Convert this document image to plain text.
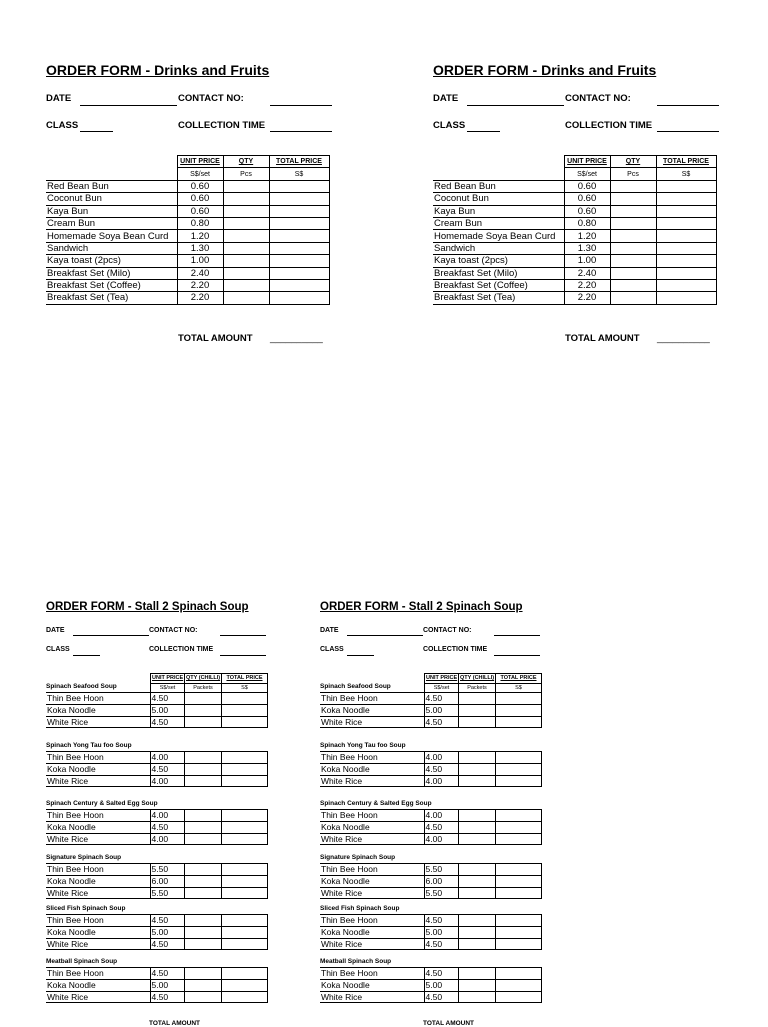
ORDER FORM - Drinks and Fruits
DATE	CONTACT NO:
CLASS	COLLECTION TIME
	UNIT PRICE	QTY	TOTAL PRICE
	S$/set	Pcs	S$
Red Bean Bun	0.60		
Coconut Bun	0.60		
Kaya Bun	0.60		
Cream Bun	0.80		
Homemade Soya Bean Curd	1.20		
Sandwich	1.30		
Kaya toast (2pcs)	1.00		
Breakfast Set (Milo)	2.40		
Breakfast Set (Coffee)	2.20		
Breakfast Set (Tea)	2.20		
TOTAL AMOUNT __________
ORDER FORM - Drinks and Fruits
DATE	CONTACT NO:
CLASS	COLLECTION TIME
	UNIT PRICE	QTY	TOTAL PRICE
	S$/set	Pcs	S$
Red Bean Bun	0.60		
Coconut Bun	0.60		
Kaya Bun	0.60		
Cream Bun	0.80		
Homemade Soya Bean Curd	1.20		
Sandwich	1.30		
Kaya toast (2pcs)	1.00		
Breakfast Set (Milo)	2.40		
Breakfast Set (Coffee)	2.20		
Breakfast Set (Tea)	2.20		
TOTAL AMOUNT __________
ORDER FORM - Stall 2 Spinach Soup
DATE	CONTACT NO:
CLASS	COLLECTION TIME
UNIT PRICE	QTY (CHILLI)	TOTAL PRICE
S$/set	Packets	S$
Spinach Seafood Soup
Thin Bee Hoon	4.50		
Koka Noodle	5.00		
White Rice	4.50		
Spinach Yong Tau foo Soup
Thin Bee Hoon	4.00		
Koka Noodle	4.50		
White Rice	4.00		
Spinach Century & Salted Egg Soup
Thin Bee Hoon	4.00		
Koka Noodle	4.50		
White Rice	4.00		
Signature Spinach Soup
Thin Bee Hoon	5.50		
Koka Noodle	6.00		
White Rice	5.50		
Sliced Fish Spinach Soup
Thin Bee Hoon	4.50		
Koka Noodle	5.00		
White Rice	4.50		
Meatball Spinach Soup
Thin Bee Hoon	4.50		
Koka Noodle	5.00		
White Rice	4.50		
TOTAL AMOUNT
ORDER FORM - Stall 2 Spinach Soup
DATE	CONTACT NO:
CLASS	COLLECTION TIME
UNIT PRICE	QTY (CHILLI)	TOTAL PRICE
S$/set	Packets	S$
Spinach Seafood Soup
Thin Bee Hoon	4.50		
Koka Noodle	5.00		
White Rice	4.50		
Spinach Yong Tau foo Soup
Thin Bee Hoon	4.00		
Koka Noodle	4.50		
White Rice	4.00		
Spinach Century & Salted Egg Soup
Thin Bee Hoon	4.00		
Koka Noodle	4.50		
White Rice	4.00		
Signature Spinach Soup
Thin Bee Hoon	5.50		
Koka Noodle	6.00		
White Rice	5.50		
Sliced Fish Spinach Soup
Thin Bee Hoon	4.50		
Koka Noodle	5.00		
White Rice	4.50		
Meatball Spinach Soup
Thin Bee Hoon	4.50		
Koka Noodle	5.00		
White Rice	4.50		
TOTAL AMOUNT
